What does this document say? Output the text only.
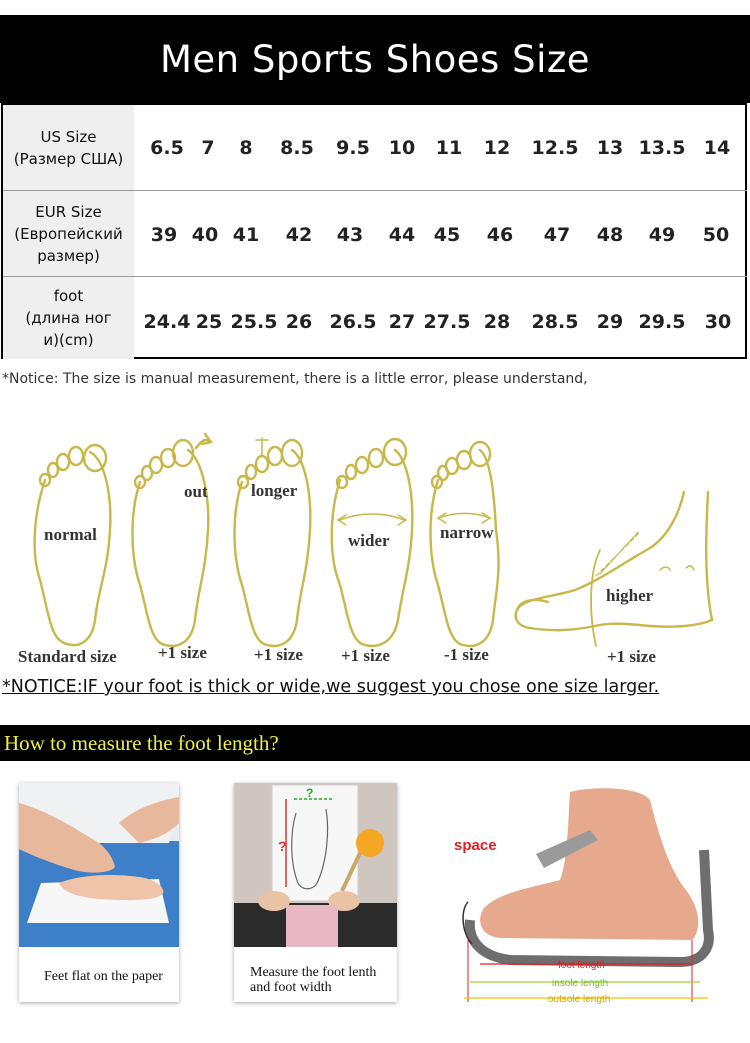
Men Sports Shoes Size
US Size
(Размер США) 6.5 7 8 8.5 9.5 10 11 12 12.5 13 13.5 14
EUR Size
(Европейский
размер)
39 40 41 42 43 44 45 46 47 48 49 50
foot
(длина ног
и)(cm)
24.4 25 25.5 26 26.5 27 27.5 28 28.5 29 29.5 30
*Notice: The size is manual measurement, there is a little error, please understand,
normal
out	longer
wider	narrow
higher
Standard size +1 size	+1 size +1 size	-1 size	+1 size
*NOTICE:IF your foot is thick or wide,we suggest you chose one size larger.
How to measure the foot length?
Feet flat on the paper
?
?
Measure the foot lenth
and foot width
space
foot length
insole length
outsole length
